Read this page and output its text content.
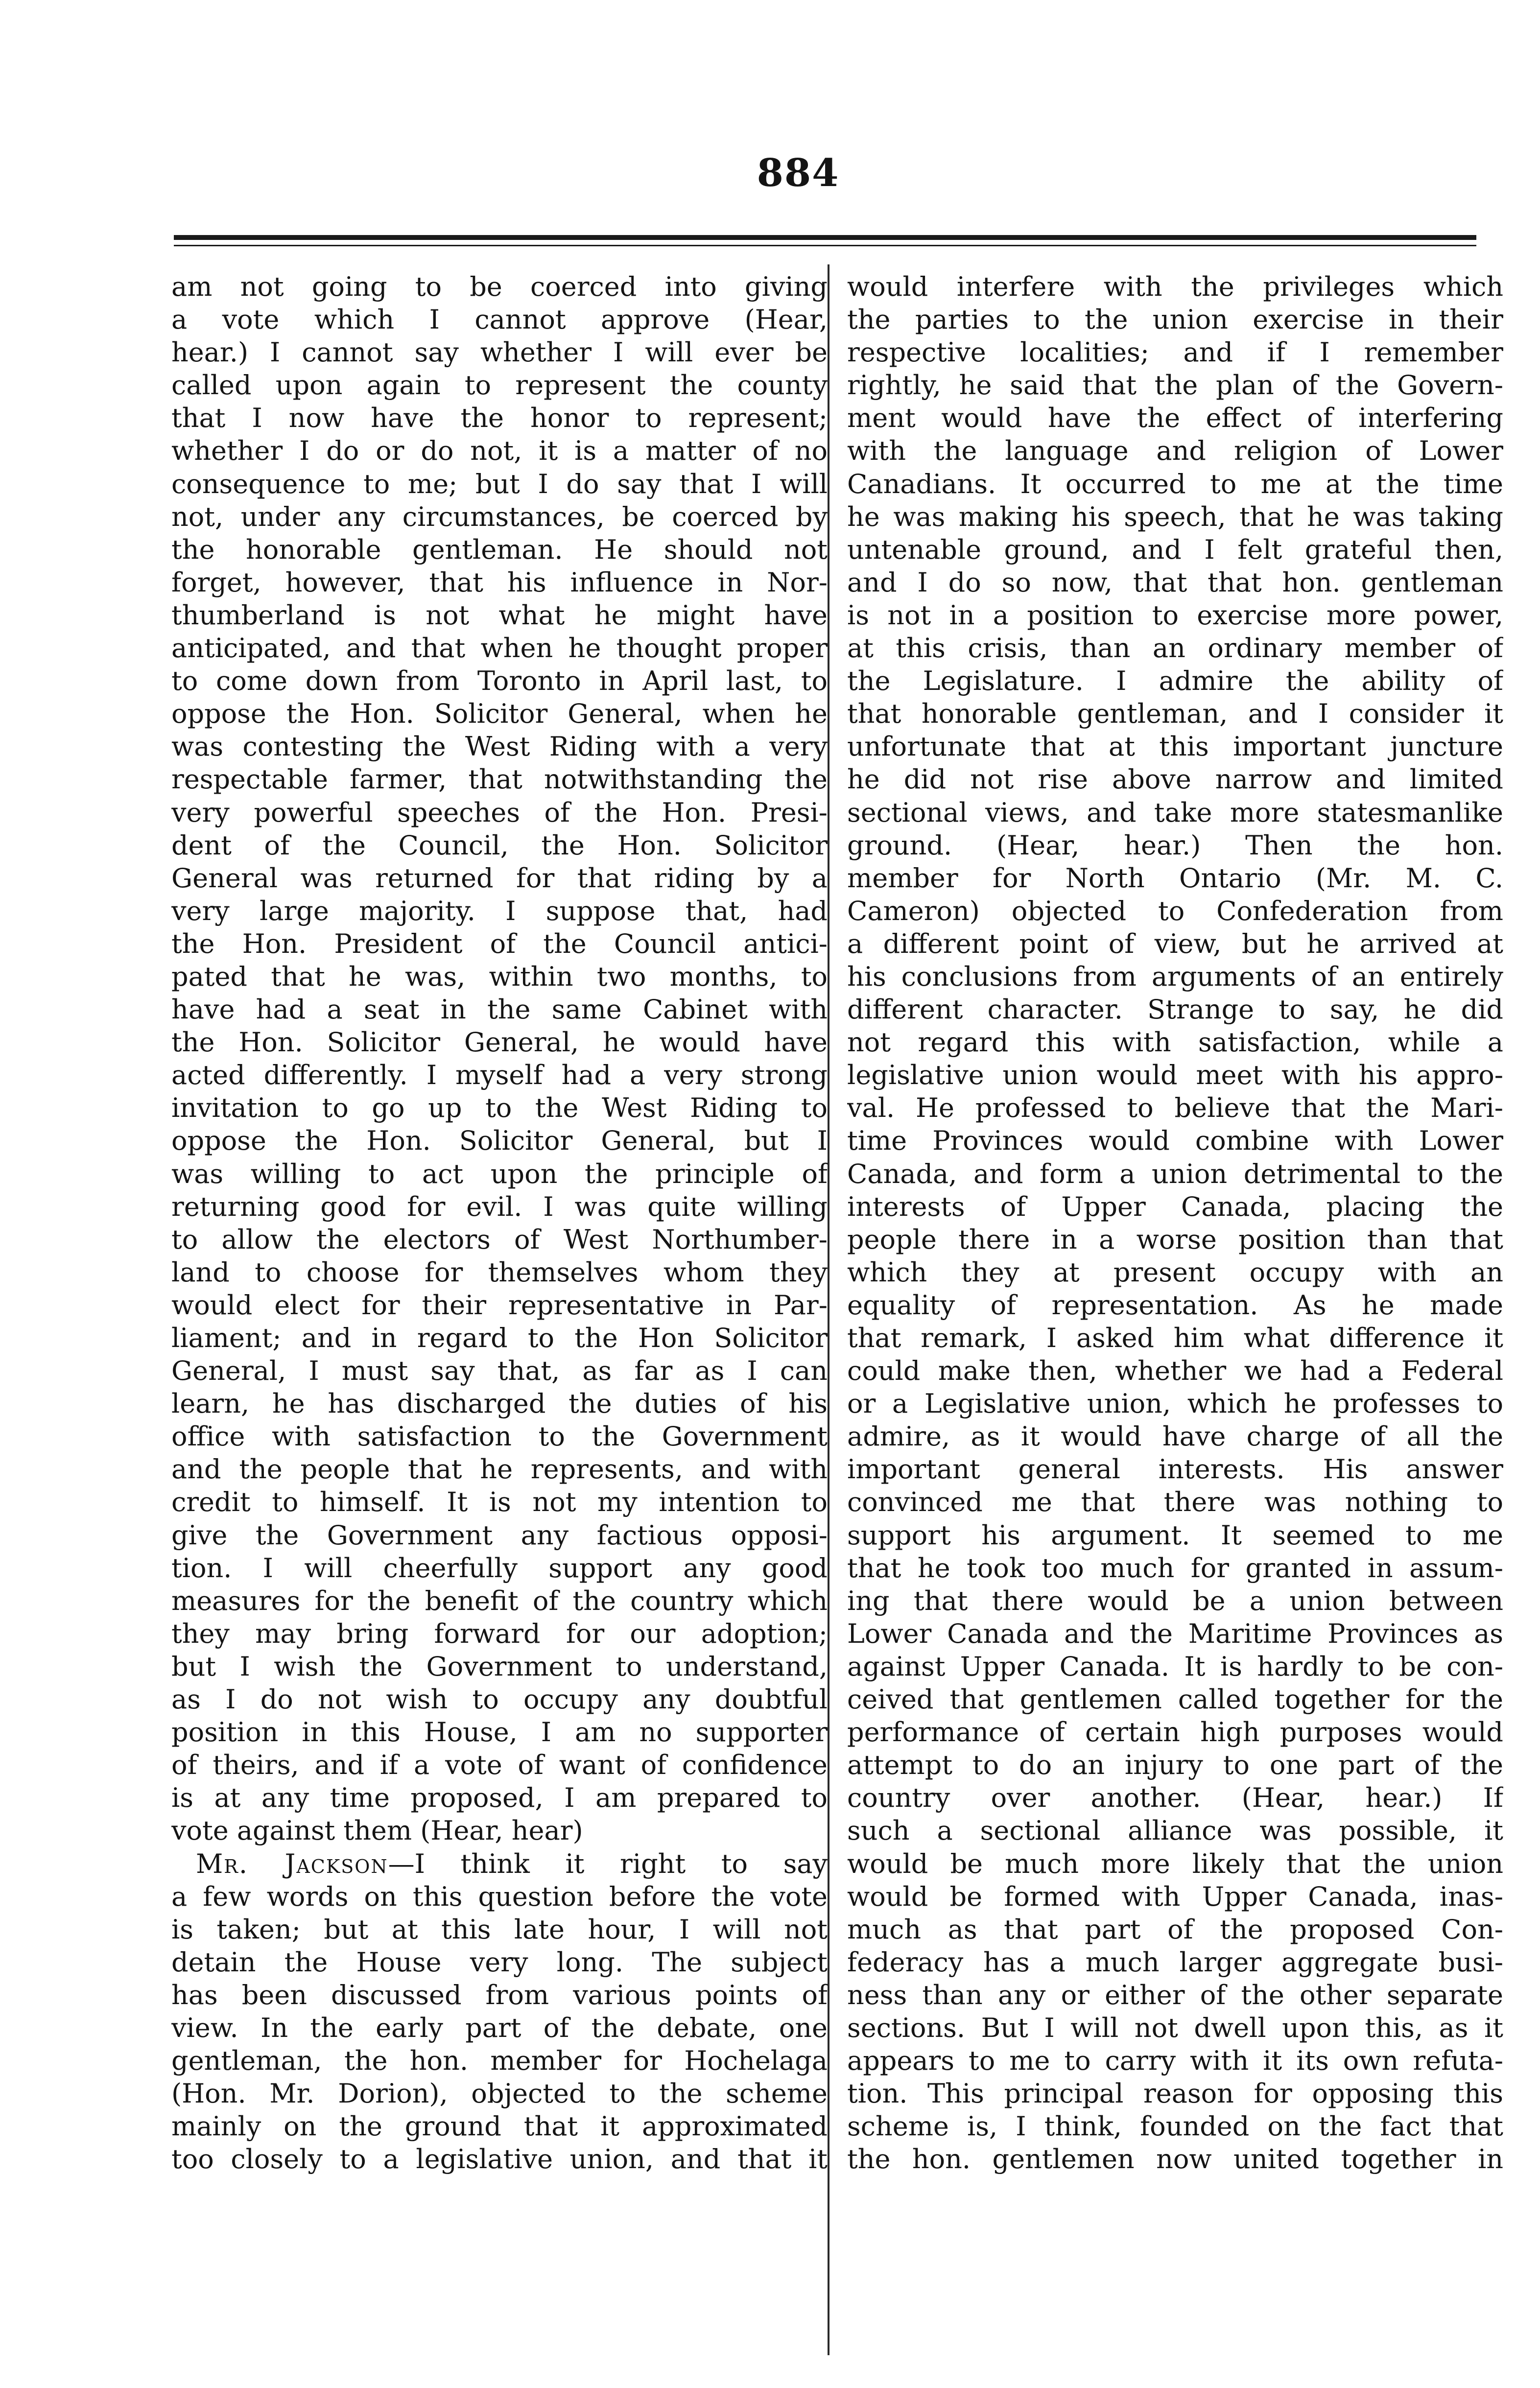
884
am not going to be coerced into giving
a vote which I cannot approve (Hear,
hear.) I cannot say whether I will ever be
called upon again to represent the county
that I now have the honor to represent;
whether I do or do not, it is a matter of no
consequence to me; but I do say that I will
not, under any circumstances, be coerced by
the honorable gentleman. He should not
forget, however, that his influence in Nor-
thumberland is not what he might have
anticipated, and that when he thought proper
to come down from Toronto in April last, to
oppose the Hon. Solicitor General, when he
was contesting the West Riding with a very
respectable farmer, that notwithstanding the
very powerful speeches of the Hon. Presi-
dent of the Council, the Hon. Solicitor
General was returned for that riding by a
very large majority. I suppose that, had
the Hon. President of the Council antici-
pated that he was, within two months, to
have had a seat in the same Cabinet with
the Hon. Solicitor General, he would have
acted differently. I myself had a very strong
invitation to go up to the West Riding to
oppose the Hon. Solicitor General, but I
was willing to act upon the principle of
returning good for evil. I was quite willing
to allow the electors of West Northumber-
land to choose for themselves whom they
would elect for their representative in Par-
liament; and in regard to the Hon Solicitor
General, I must say that, as far as I can
learn, he has discharged the duties of his
office with satisfaction to the Government
and the people that he represents, and with
credit to himself. It is not my intention to
give the Government any factious opposi-
tion. I will cheerfully support any good
measures for the benefit of the country which
they may bring forward for our adoption;
but I wish the Government to understand,
as I do not wish to occupy any doubtful
position in this House, I am no supporter
of theirs, and if a vote of want of confidence
is at any time proposed, I am prepared to
vote against them (Hear, hear)
Mr. Jackson—I think it right to say
a few words on this question before the vote
is taken; but at this late hour, I will not
detain the House very long. The subject
has been discussed from various points of
view. In the early part of the debate, one
gentleman, the hon. member for Hochelaga
(Hon. Mr. Dorion), objected to the scheme
mainly on the ground that it approximated
too closely to a legislative union, and that it
would interfere with the privileges which
the parties to the union exercise in their
respective localities; and if I remember
rightly, he said that the plan of the Govern-
ment would have the effect of interfering
with the language and religion of Lower
Canadians. It occurred to me at the time
he was making his speech, that he was taking
untenable ground, and I felt grateful then,
and I do so now, that that hon. gentleman
is not in a position to exercise more power,
at this crisis, than an ordinary member of
the Legislature. I admire the ability of
that honorable gentleman, and I consider it
unfortunate that at this important juncture
he did not rise above narrow and limited
sectional views, and take more statesmanlike
ground. (Hear, hear.) Then the hon.
member for North Ontario (Mr. M. C.
Cameron) objected to Confederation from
a different point of view, but he arrived at
his conclusions from arguments of an entirely
different character. Strange to say, he did
not regard this with satisfaction, while a
legislative union would meet with his appro-
val. He professed to believe that the Mari-
time Provinces would combine with Lower
Canada, and form a union detrimental to the
interests of Upper Canada, placing the
people there in a worse position than that
which they at present occupy with an
equality of representation. As he made
that remark, I asked him what difference it
could make then, whether we had a Federal
or a Legislative union, which he professes to
admire, as it would have charge of all the
important general interests. His answer
convinced me that there was nothing to
support his argument. It seemed to me
that he took too much for granted in assum-
ing that there would be a union between
Lower Canada and the Maritime Provinces as
against Upper Canada. It is hardly to be con-
ceived that gentlemen called together for the
performance of certain high purposes would
attempt to do an injury to one part of the
country over another. (Hear, hear.) If
such a sectional alliance was possible, it
would be much more likely that the union
would be formed with Upper Canada, inas-
much as that part of the proposed Con-
federacy has a much larger aggregate busi-
ness than any or either of the other separate
sections. But I will not dwell upon this, as it
appears to me to carry with it its own refuta-
tion. This principal reason for opposing this
scheme is, I think, founded on the fact that
the hon. gentlemen now united together in
